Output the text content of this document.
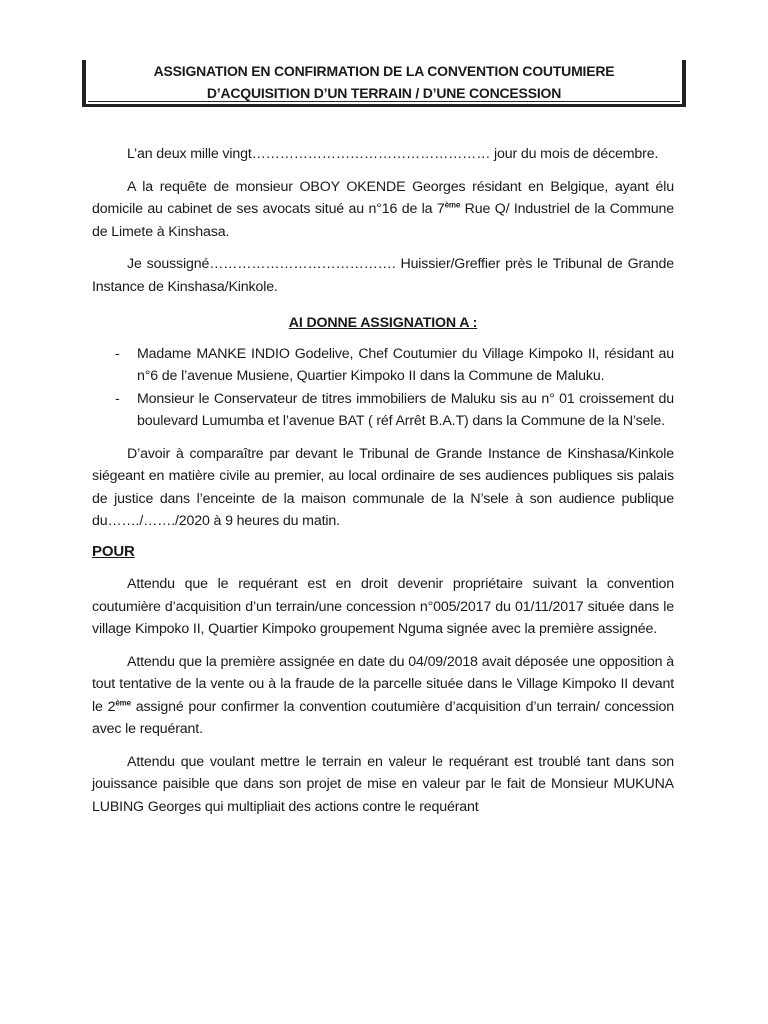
ASSIGNATION EN CONFIRMATION DE LA CONVENTION COUTUMIERE
D’ACQUISITION D’UN TERRAIN / D’UNE CONCESSION

L’an deux mille vingt…………………………………………… jour du mois de décembre.

A la requête de monsieur OBOY OKENDE Georges résidant en Belgique, ayant élu domicile au cabinet de ses avocats situé au n°16 de la 7ème Rue Q/ Industriel de la Commune de Limete à Kinshasa.

Je soussigné…………………………………. Huissier/Greffier près le Tribunal de Grande Instance de Kinshasa/Kinkole.

AI DONNE ASSIGNATION A :

- Madame MANKE INDIO Godelive, Chef Coutumier du Village Kimpoko II, résidant au n°6 de l’avenue Musiene, Quartier Kimpoko II dans la Commune de Maluku.
- Monsieur le Conservateur de titres immobiliers de Maluku sis au n° 01 croissement du boulevard Lumumba et l’avenue BAT ( réf Arrêt B.A.T) dans la Commune de la N’sele.

D’avoir à comparaître par devant le Tribunal de Grande Instance de Kinshasa/Kinkole siégeant en matière civile au premier, au local ordinaire de ses audiences publiques sis palais de justice dans l’enceinte de la maison communale de la N’sele à son audience publique du……./……./2020 à 9 heures du matin.

POUR

Attendu que le requérant est en droit devenir propriétaire suivant la convention coutumière d’acquisition d’un terrain/une concession n°005/2017 du 01/11/2017 située dans le village Kimpoko II, Quartier Kimpoko groupement Nguma signée avec la première assignée.

Attendu que la première assignée en date du 04/09/2018 avait déposée une opposition à tout tentative de la vente ou à la fraude de la parcelle située dans le Village Kimpoko II devant le 2ème assigné pour confirmer la convention coutumière d’acquisition d’un terrain/ concession avec le requérant.

Attendu que voulant mettre le terrain en valeur le requérant est troublé tant dans son jouissance paisible que dans son projet de mise en valeur par le fait de Monsieur MUKUNA LUBING Georges qui multipliait des actions contre le requérant
